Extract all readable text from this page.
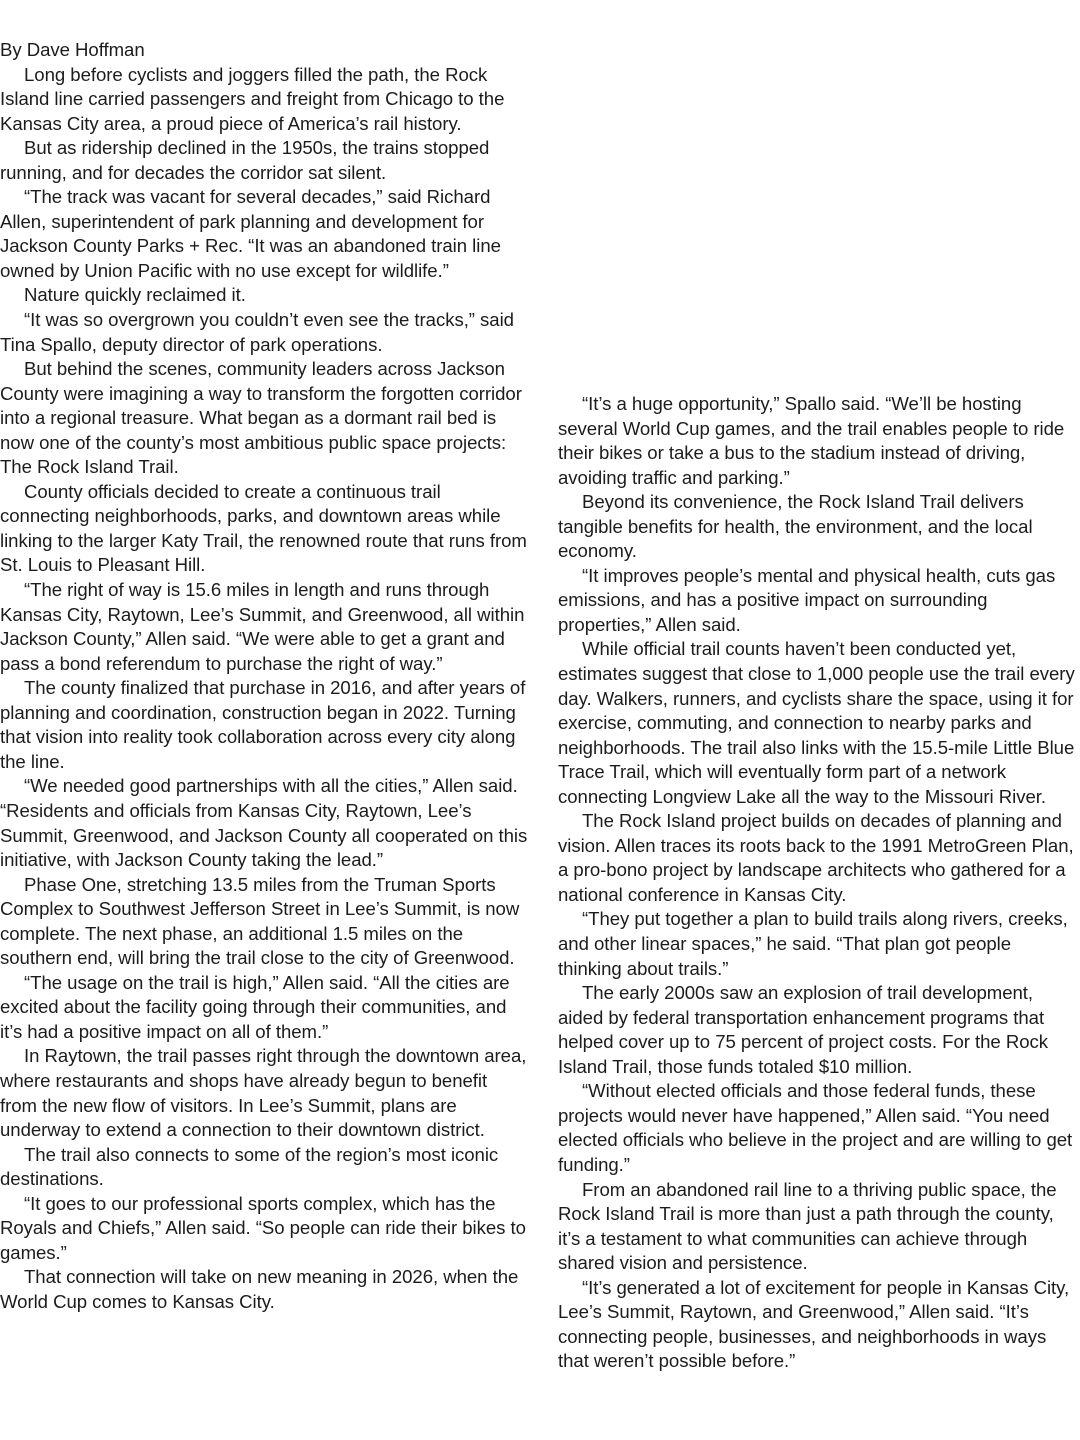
By Dave Hoffman

Long before cyclists and joggers filled the path, the Rock Island line carried passengers and freight from Chicago to the Kansas City area, a proud piece of America’s rail history.

But as ridership declined in the 1950s, the trains stopped running, and for decades the corridor sat silent.

“The track was vacant for several decades,” said Richard Allen, superintendent of park planning and development for Jackson County Parks + Rec. “It was an abandoned train line owned by Union Pacific with no use except for wildlife.”

Nature quickly reclaimed it.

“It was so overgrown you couldn’t even see the tracks,” said Tina Spallo, deputy director of park operations.

But behind the scenes, community leaders across Jackson County were imagining a way to transform the forgotten corridor into a regional treasure. What began as a dormant rail bed is now one of the county’s most ambitious public space projects: The Rock Island Trail.

County officials decided to create a continuous trail connecting neighborhoods, parks, and downtown areas while linking to the larger Katy Trail, the renowned route that runs from St. Louis to Pleasant Hill.

“The right of way is 15.6 miles in length and runs through Kansas City, Raytown, Lee’s Summit, and Greenwood, all within Jackson County,” Allen said. “We were able to get a grant and pass a bond referendum to purchase the right of way.”

The county finalized that purchase in 2016, and after years of planning and coordination, construction began in 2022. Turning that vision into reality took collaboration across every city along the line.

“We needed good partnerships with all the cities,” Allen said. “Residents and officials from Kansas City, Raytown, Lee’s Summit, Greenwood, and Jackson County all cooperated on this initiative, with Jackson County taking the lead.”

Phase One, stretching 13.5 miles from the Truman Sports Complex to Southwest Jefferson Street in Lee’s Summit, is now complete. The next phase, an additional 1.5 miles on the southern end, will bring the trail close to the city of Greenwood.

“The usage on the trail is high,” Allen said. “All the cities are excited about the facility going through their communities, and it’s had a positive impact on all of them.”

In Raytown, the trail passes right through the downtown area, where restaurants and shops have already begun to benefit from the new flow of visitors. In Lee’s Summit, plans are underway to extend a connection to their downtown district.

The trail also connects to some of the region’s most iconic destinations.

“It goes to our professional sports complex, which has the Royals and Chiefs,” Allen said. “So people can ride their bikes to games.”

That connection will take on new meaning in 2026, when the World Cup comes to Kansas City.

“It’s a huge opportunity,” Spallo said. “We’ll be hosting several World Cup games, and the trail enables people to ride their bikes or take a bus to the stadium instead of driving, avoiding traffic and parking.”

Beyond its convenience, the Rock Island Trail delivers tangible benefits for health, the environment, and the local economy.

“It improves people’s mental and physical health, cuts gas emissions, and has a positive impact on surrounding properties,” Allen said.

While official trail counts haven’t been conducted yet, estimates suggest that close to 1,000 people use the trail every day. Walkers, runners, and cyclists share the space, using it for exercise, commuting, and connection to nearby parks and neighborhoods. The trail also links with the 15.5-mile Little Blue Trace Trail, which will eventually form part of a network connecting Longview Lake all the way to the Missouri River.

The Rock Island project builds on decades of planning and vision. Allen traces its roots back to the 1991 MetroGreen Plan, a pro-bono project by landscape architects who gathered for a national conference in Kansas City.

“They put together a plan to build trails along rivers, creeks, and other linear spaces,” he said. “That plan got people thinking about trails.”

The early 2000s saw an explosion of trail development, aided by federal transportation enhancement programs that helped cover up to 75 percent of project costs. For the Rock Island Trail, those funds totaled $10 million.

“Without elected officials and those federal funds, these projects would never have happened,” Allen said. “You need elected officials who believe in the project and are willing to get funding.”

From an abandoned rail line to a thriving public space, the Rock Island Trail is more than just a path through the county, it’s a testament to what communities can achieve through shared vision and persistence.

“It’s generated a lot of excitement for people in Kansas City, Lee’s Summit, Raytown, and Greenwood,” Allen said. “It’s connecting people, businesses, and neighborhoods in ways that weren’t possible before.”
